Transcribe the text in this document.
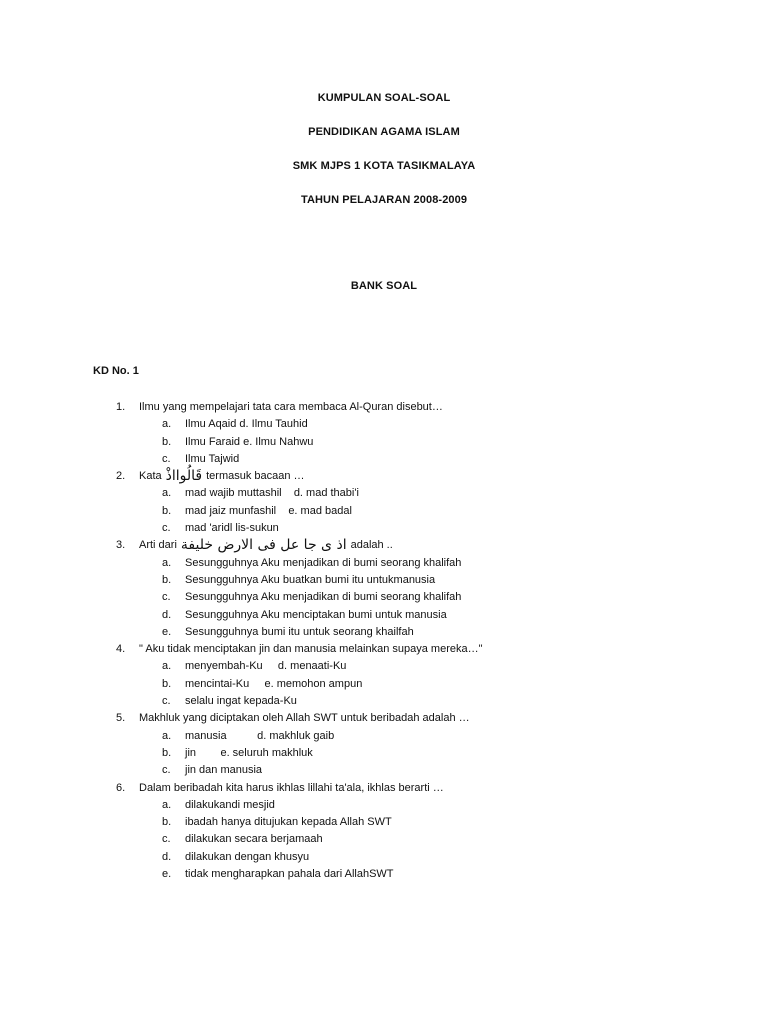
KUMPULAN SOAL-SOAL
PENDIDIKAN AGAMA ISLAM
SMK MJPS 1 KOTA TASIKMALAYA
TAHUN PELAJARAN 2008-2009
BANK SOAL
KD No. 1
1.	Ilmu yang mempelajari tata cara membaca Al-Quran disebut…
a.	Ilmu Aqaid d. Ilmu Tauhid
b.	Ilmu Faraid e. Ilmu Nahwu
c.	Ilmu Tajwid
2.	Kata قَالُوااذْ termasuk bacaan …
a.	mad wajib muttashil    d. mad thabi'i
b.	mad jaiz munfashil    e. mad badal
c.	mad 'aridl lis-sukun
3.	Arti dari اذ ى جا عل فى الارض خليفة adalah ..
a.	Sesungguhnya Aku menjadikan di bumi seorang khalifah
b.	Sesungguhnya Aku buatkan bumi itu untukmanusia
c.	Sesungguhnya Aku menjadikan di bumi seorang khalifah
d.	Sesungguhnya Aku menciptakan bumi untuk manusia
e.	Sesungguhnya bumi itu untuk seorang khailfah
4.	" Aku tidak menciptakan jin dan manusia melainkan supaya mereka…"
a.	menyembah-Ku     d. menaati-Ku
b.	mencintai-Ku     e. memohon ampun
c.	selalu ingat kepada-Ku
5.	Makhluk yang diciptakan oleh Allah SWT untuk beribadah adalah …
a.	manusia          d. makhluk gaib
b.	jin        e. seluruh makhluk
c.	jin dan manusia
6.	Dalam beribadah kita harus ikhlas lillahi ta'ala, ikhlas berarti …
a.	dilakukandi mesjid
b.	ibadah hanya ditujukan kepada Allah SWT
c.	dilakukan secara berjamaah
d.	dilakukan dengan khusyu
e.	tidak mengharapkan pahala dari AllahSWT
